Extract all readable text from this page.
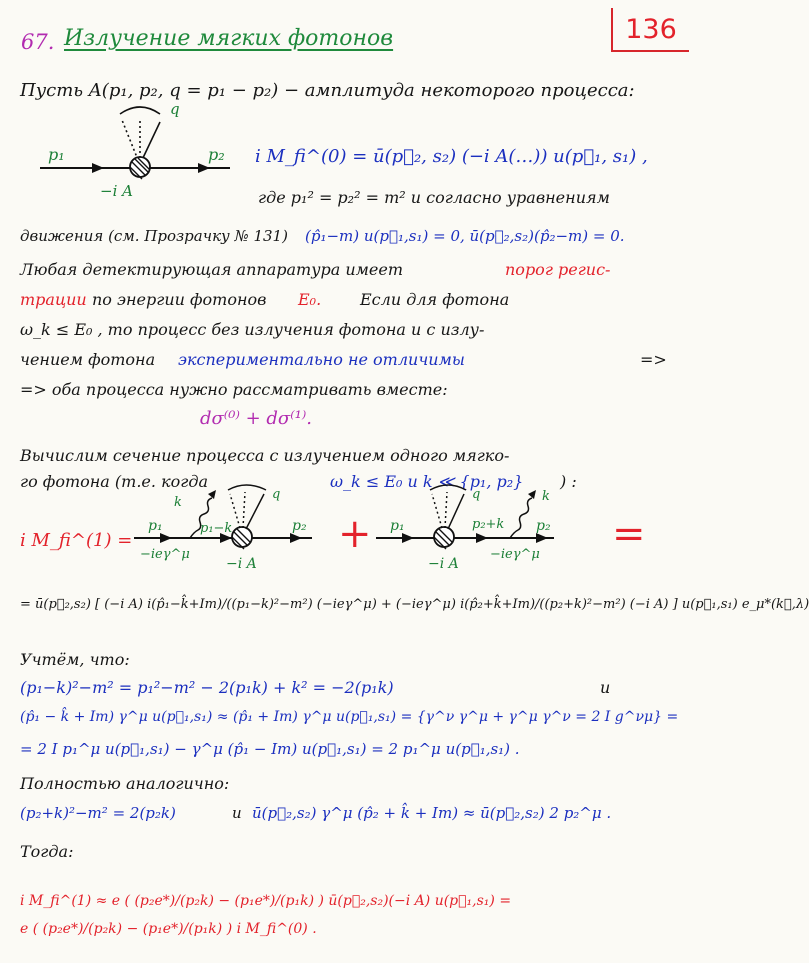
67. Излучение мягких фотонов	136
Пусть A(p₁, p₂, q = p₁ − p₂) − амплитуда некоторого процесса:
p₁	p₂
q
−i A
i M_fi^(0) = ū(p⃗₂, s₂) (−i A(…)) u(p⃗₁, s₁) ,
где p₁² = p₂² = m² и согласно уравнениям
движения (см. Прозрачку № 131) (p̂₁−m) u(p⃗₁,s₁) = 0, ū(p⃗₂,s₂)(p̂₂−m) = 0.
Любая детектирующая аппаратура имеет	порог регис-
трации по энергии фотонов E₀. Если для фотона
ω_k ≤ E₀ , то процесс без излучения фотона и с излу-
чением фотона экспериментально не отличимы	=>
=> оба процесса нужно рассматривать вместе:
dσ⁽⁰⁾ + dσ⁽¹⁾.
Вычислим сечение процесса с излучением одного мягко-
го фотона (т.е. когда	ω_k ≤ E₀ и k ≪ {p₁, p₂} ) :
i M_fi^(1) =
p₁	p₁−k	p₂
k
q
−ieγ^μ
−i A
+ p₁	p₂+k p₂
k
q
−ieγ^μ
−i A
=
= ū(p⃗₂,s₂) [ (−i A) i(p̂₁−k̂+Im)/((p₁−k)²−m²) (−ieγ^μ) + (−ieγ^μ) i(p̂₂+k̂+Im)/((p₂+k)²−m²) (−i A) ] u(p⃗₁,s₁) e_μ*(k⃗,λ)
Учтём, что:
(p₁−k)²−m² = p₁²−m² − 2(p₁k) + k² = −2(p₁k)	и
(p̂₁ − k̂ + Im) γ^μ u(p⃗₁,s₁) ≈ (p̂₁ + Im) γ^μ u(p⃗₁,s₁) = {γ^ν γ^μ + γ^μ γ^ν = 2 I g^νμ} =
= 2 I p₁^μ u(p⃗₁,s₁) − γ^μ (p̂₁ − Im) u(p⃗₁,s₁) = 2 p₁^μ u(p⃗₁,s₁) .
Полностью аналогично:
(p₂+k)²−m² = 2(p₂k)	и ū(p⃗₂,s₂) γ^μ (p̂₂ + k̂ + Im) ≈ ū(p⃗₂,s₂) 2 p₂^μ .
Тогда:
i M_fi^(1) ≈ e ( (p₂e*)/(p₂k) − (p₁e*)/(p₁k) ) ū(p⃗₂,s₂)(−i A) u(p⃗₁,s₁) =
e ( (p₂e*)/(p₂k) − (p₁e*)/(p₁k) ) i M_fi^(0) .
